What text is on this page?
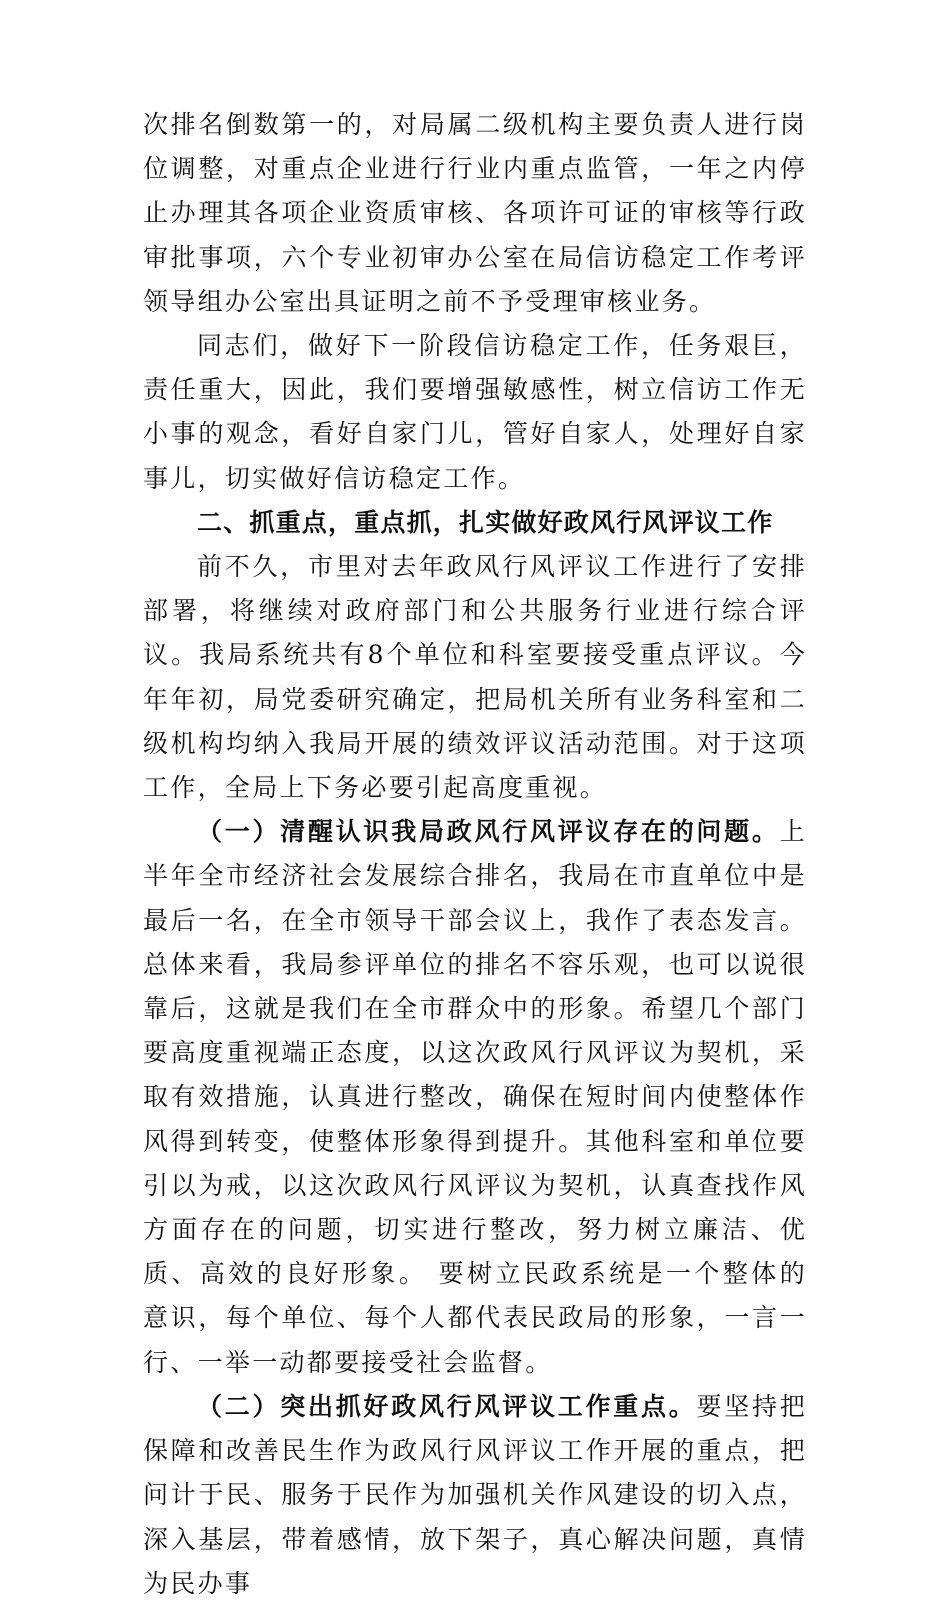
次排名倒数第一的，对局属二级机构主要负责人进行岗位调整，对重点企业进行行业内重点监管，一年之内停止办理其各项企业资质审核、各项许可证的审核等行政审批事项，六个专业初审办公室在局信访稳定工作考评领导组办公室出具证明之前不予受理审核业务。

同志们，做好下一阶段信访稳定工作，任务艰巨，责任重大，因此，我们要增强敏感性，树立信访工作无小事的观念，看好自家门儿，管好自家人，处理好自家事儿，切实做好信访稳定工作。

二、抓重点，重点抓，扎实做好政风行风评议工作

前不久，市里对去年政风行风评议工作进行了安排部署，将继续对政府部门和公共服务行业进行综合评议。我局系统共有8个单位和科室要接受重点评议。今年年初，局党委研究确定，把局机关所有业务科室和二级机构均纳入我局开展的绩效评议活动范围。对于这项工作，全局上下务必要引起高度重视。

（一）清醒认识我局政风行风评议存在的问题。上半年全市经济社会发展综合排名，我局在市直单位中是最后一名，在全市领导干部会议上，我作了表态发言。总体来看，我局参评单位的排名不容乐观，也可以说很靠后，这就是我们在全市群众中的形象。希望几个部门要高度重视端正态度，以这次政风行风评议为契机，采取有效措施，认真进行整改，确保在短时间内使整体作风得到转变，使整体形象得到提升。其他科室和单位要引以为戒，以这次政风行风评议为契机，认真查找作风方面存在的问题，切实进行整改，努力树立廉洁、优质、高效的良好形象。 要树立民政系统是一个整体的意识，每个单位、每个人都代表民政局的形象，一言一行、一举一动都要接受社会监督。

（二）突出抓好政风行风评议工作重点。要坚持把保障和改善民生作为政风行风评议工作开展的重点，把问计于民、服务于民作为加强机关作风建设的切入点，深入基层，带着感情，放下架子，真心解决问题，真情为民办事
